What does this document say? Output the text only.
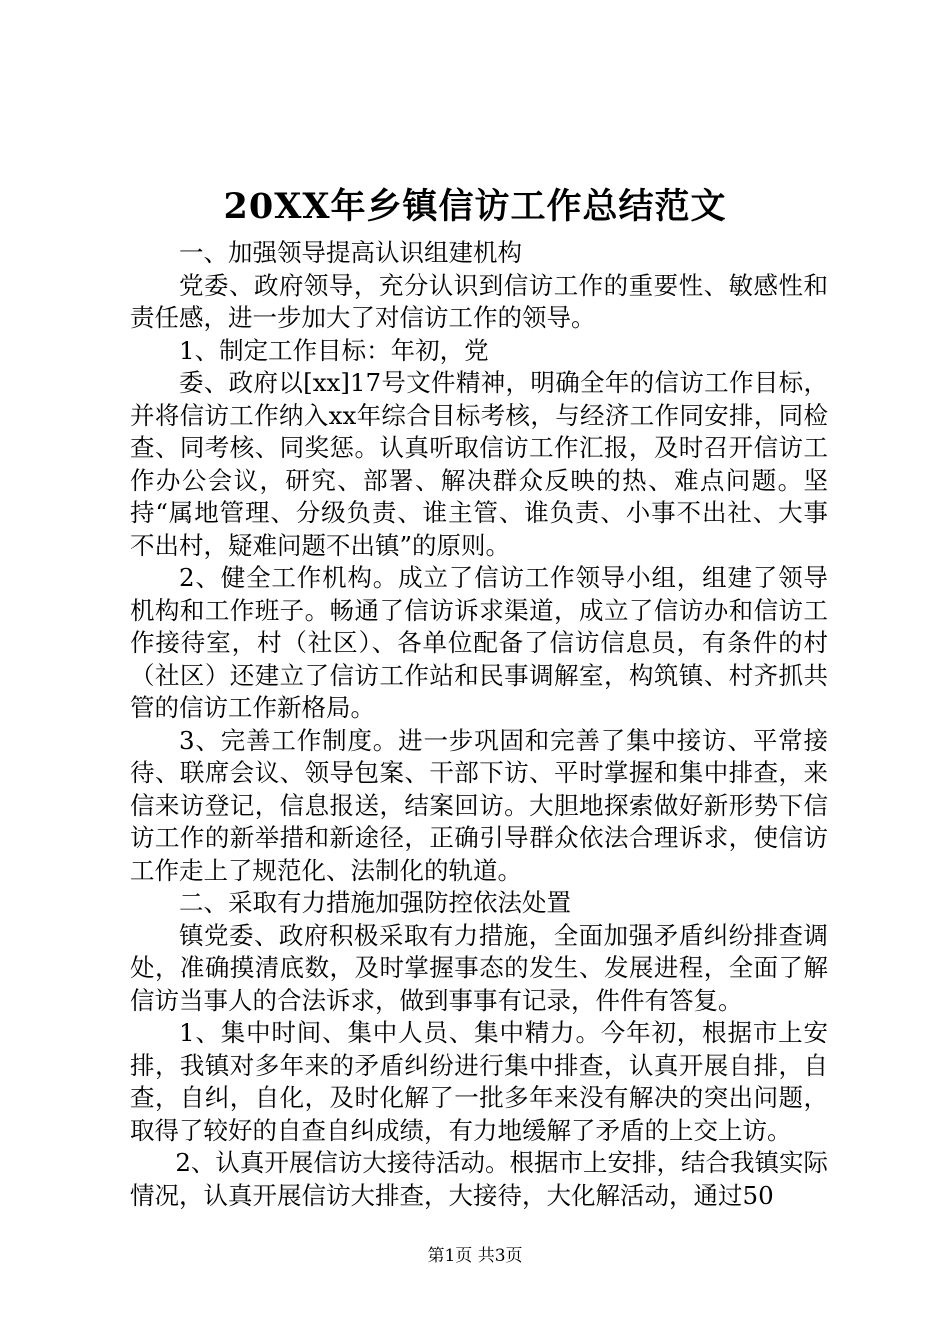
20XX年乡镇信访工作总结范文

一、加强领导提高认识组建机构

党委、政府领导，充分认识到信访工作的重要性、敏感性和责任感，进一步加大了对信访工作的领导。

1、制定工作目标：年初，党

委、政府以[xx]17号文件精神，明确全年的信访工作目标，并将信访工作纳入xx年综合目标考核，与经济工作同安排，同检查、同考核、同奖惩。认真听取信访工作汇报，及时召开信访工作办公会议，研究、部署、解决群众反映的热、难点问题。坚持“属地管理、分级负责、谁主管、谁负责、小事不出社、大事不出村，疑难问题不出镇”的原则。

2、健全工作机构。成立了信访工作领导小组，组建了领导机构和工作班子。畅通了信访诉求渠道，成立了信访办和信访工作接待室，村（社区）、各单位配备了信访信息员，有条件的村（社区）还建立了信访工作站和民事调解室，构筑镇、村齐抓共管的信访工作新格局。

3、完善工作制度。进一步巩固和完善了集中接访、平常接待、联席会议、领导包案、干部下访、平时掌握和集中排查，来信来访登记，信息报送，结案回访。大胆地探索做好新形势下信访工作的新举措和新途径，正确引导群众依法合理诉求，使信访工作走上了规范化、法制化的轨道。

二、采取有力措施加强防控依法处置

镇党委、政府积极采取有力措施，全面加强矛盾纠纷排查调处，准确摸清底数，及时掌握事态的发生、发展进程，全面了解信访当事人的合法诉求，做到事事有记录，件件有答复。

1、集中时间、集中人员、集中精力。今年初，根据市上安排，我镇对多年来的矛盾纠纷进行集中排查，认真开展自排，自查，自纠，自化，及时化解了一批多年来没有解决的突出问题，取得了较好的自查自纠成绩，有力地缓解了矛盾的上交上访。

2、认真开展信访大接待活动。根据市上安排，结合我镇实际情况，认真开展信访大排查，大接待，大化解活动，通过50

第1页 共3页
